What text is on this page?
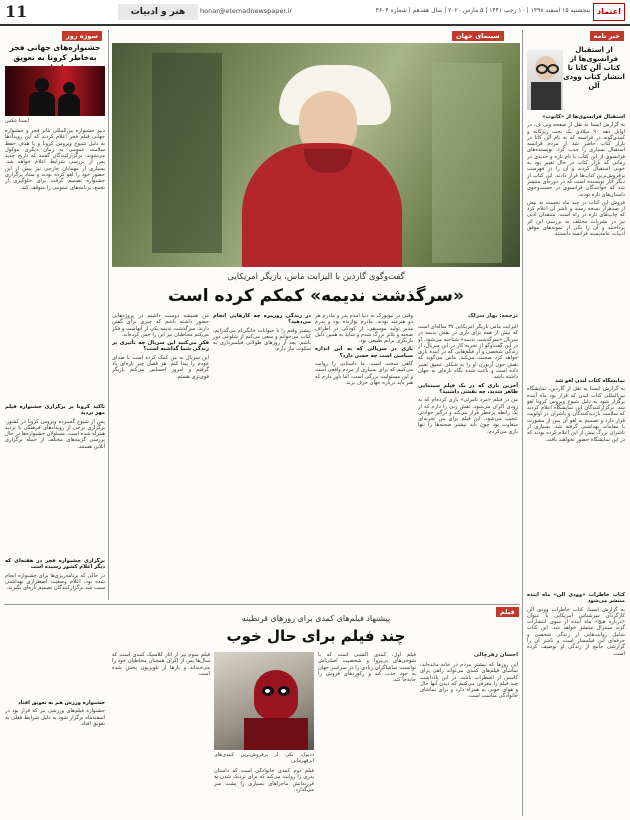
11	هنر و ادبیات	honar@etemadnewspaper.ir	پنجشنبه ۱۵ اسفند ۱۳۹۸ | ۱۰ رجب ۱۴۴۱ | ۵ مارس ۲۰۲۰ | سال هفدهم | شماره ۴۶۰۴ اعتماد
خبر نامه
از استقبال فرانسوی‌ها از کتاب آلن کاتا تا انتشار کتاب وودی آلن

استقبال فرانسوی‌ها از «کاتوب»

به گزارش ایسنا به نقل از صفحه ونی ف، در اوایل دهه ۹۰ میلادی یک بحث زیرکانه و کمدی‌گونه در فرانسه که به نام آلن کاتا در بازار کتاب حاضر شد از مردم فرانسه استقبال بسیاری را جذب کرد. نویسنده‌های فرانسوی از این کتاب با نام تازه و جدیدی در زمانی که بازار کتاب در حال تغییر بود به خوبی استقبال کردند و آن را در فهرست پرفروش‌ترین کتاب‌ها قرار دادند. این کتاب از دیگر آثار نویسنده است که در دوره‌ای منتشر شد که خوانندگان فرانسوی در جست‌وجوی داستان‌های تازه بودند.

فروش این کتاب در چند ماه نخست به بیش از صدهزار نسخه رسید و ناشر آن اعلام کرد که چاپ‌های تازه در راه است. منتقدان ادبی نیز در نشریات مختلف به بررسی این اثر پرداختند و آن را یکی از نمونه‌های موفق ادبیات عامه‌پسند فرانسه دانستند.

نمایشگاه کتاب لندن لغو شد

به گزارش ایسنا به نقل از گاردین، نمایشگاه بین‌المللی کتاب لندن که قرار بود ماه آینده برگزار شود به دلیل شیوع ویروس کرونا لغو شد. برگزارکنندگان این نمایشگاه اعلام کردند که سلامت بازدیدکنندگان و ناشران در اولویت قرار دارد و تصمیم به لغو آن پس از مشورت با مقامات بهداشتی گرفته شد. بسیاری از ناشران بزرگ پیش از این اعلام کرده بودند که در این نمایشگاه حضور نخواهند یافت.

کتاب خاطرات «وودی آلن» ماه آینده منتشر می‌شود

به گزارش ایسنا، کتاب خاطرات وودی آلن کارگردان سرشناس آمریکایی با عنوان «درباره هیچ» ماه آینده از سوی انتشارات گرند سنترال منتشر خواهد شد. این کتاب شامل روایت‌هایی از زندگی شخصی و حرفه‌ای این فیلمساز است و ناشر آن را گزارشی جامع از زندگی او توصیف کرده است.

سینمای جهان
گفت‌وگوی گاردین با الیزابت ماس، بازیگر امریکایی
«سرگذشت ندیمه» کمکم کرده است
ترجمه: بهار سرلک

الیزابت ماس بازیگر امریکایی ۳۷ ساله‌ای است که بیش از همه برای بازی در نقش ندیمه در سریال «سرگذشت ندیمه» شناخته می‌شود. او در این گفت‌وگو از تجربه کار در این سریال، از زندگی شخصی و از فیلم‌هایی که در آینده بازی خواهد کرد صحبت می‌کند. ماس می‌گوید که نقش جون آزبورن او را به شکلی عمیق تغییر داده است و باعث شده نگاه تازه‌ای به جهان داشته باشد.

آخرین باری که در یک فیلم سینمایی ظاهر شدید، چه نقشی داشتید؟

من در فیلم «مرد نامرئی» بازی کرده‌ام که به زودی اکران می‌شود. نقش زنی را دارم که از یک رابطه پرخطر فرار می‌کند و درگیر حوادثی عجیب می‌شود. این فیلم برای من تجربه‌ای متفاوت بود چون باید بیشتر صحنه‌ها را تنها بازی می‌کردم.

وقتی در نیویورک به دنیا آمدم پدر و مادرم هر دو هنرمند بودند. مادرم نوازنده بود و پدرم مدیر تولید موسیقی. از کودکی در اطراف صحنه و تئاتر بزرگ شدم و شاید به همین دلیل بازیگری برایم طبیعی بود.

بازی در سریالی که به این اندازه سیاسی است چه حسی دارد؟

گاهی سخت است. ما داستانی را روایت می‌کنیم که برای بسیاری از مردم واقعی است و این مسئولیت بزرگی است. اما باور دارم که هنر باید درباره جهان حرف بزند.

در زندگی روزمره چه کارهایی انجام می‌دهید؟

بیشتر وقتم را با حیوانات خانگی‌ام می‌گذرانم، کتاب می‌خوانم و سعی می‌کنم از شلوغی دور باشم. بعد از روزهای طولانی فیلمبرداری به سکوت نیاز دارم.

من همیشه دوست داشتم در پروژه‌هایی حضور داشته باشم که چیزی برای گفتن دارند. سرگذشت ندیمه یکی از آنهاست و فکر می‌کنم مخاطبان نیز این را حس کرده‌اند.

فکر می‌کنید این سریال چه تأثیری بر زندگی شما گذاشته است؟

این سریال به من کمک کرده است تا صدای خودم را پیدا کنم. هر فصل چیز تازه‌ای یاد گرفتم و امروز احساس می‌کنم بازیگر قوی‌تری هستم.

سوژه روز
جشنواره‌های جهانی فجر به‌خاطر کرونا به تعویق
ایسنا‌ عکس

دبیر جشنواره بین‌المللی تئاتر فجر و جشنواره جهانی فیلم فجر اعلام کردند که این رویدادها به دلیل شیوع ویروس کرونا و با هدف حفظ سلامت عمومی به زمان دیگری موکول می‌شوند. برگزارکنندگان گفتند که تاریخ جدید پس از بررسی شرایط اعلام خواهد شد. بسیاری از مهمانان خارجی نیز پیش از این حضور خود را لغو کرده بودند و ستاد برگزاری جشنواره تصمیم گرفت برای جلوگیری از تجمع، برنامه‌های عمومی را متوقف کند.

تأکید کرونا بر برگزاری جشنواره فیلم مهر تردید

پس از شیوع گسترده ویروس کرونا در کشور، برگزاری برخی از رویدادهای فرهنگی با تردید همراه شده است. مسئولان جشنواره‌ها در حال بررسی گزینه‌های مختلف از جمله برگزاری آنلاین هستند.

برگزاری جشنواره فجر در هفته‌ای که دیگر اعلام کشور رسیده است

در حالی که برنامه‌ریزی‌ها برای جشنواره انجام شده بود، اعلام وضعیت اضطراری بهداشتی سبب شد برگزارکنندگان تصمیم تازه‌ای بگیرند.

جشنواره ورزش هم به تعویق افتاد

جشنواره فیلم‌های ورزشی نیز که قرار بود در اسفندماه برگزار شود به دلیل شرایط فعلی به تعویق افتاد.

فیلم
پیشنهاد فیلم‌های کمدی برای روزهای قرنطینه
چند فیلم برای حال خوب
احسان زهرچالی

این روزها که بیشتر مردم در خانه مانده‌اند، تماشای فیلم‌های کمدی می‌تواند راهی برای کاستن از اضطراب باشد. در این یادداشت چند فیلم را معرفی می‌کنیم که دیدن آنها حال و هوای خوبی به همراه دارد و برای تماشای خانوادگی مناسب است.

فیلم اول، کمدی اکشنی است که با شوخی‌های بی‌پروا و شخصیت اصلی‌اش توانست تماشاگران زیادی را در سراسر جهان به خود جذب کند و رکوردهای فروش را جابه‌جا کند.

ددپول، یکی از پرفروش‌ترین کمدی‌های ابرقهرمانی

فیلم دوم کمدی خانوادگی است که داستان پدری را روایت می‌کند که برای نزدیک شدن به فرزندانش ماجراهای بسیاری را پشت سر می‌گذارد.

فیلم سوم نیز از آثار کلاسیک کمدی است که سال‌ها پس از اکران همچنان مخاطبان خود را می‌خنداند و بارها از تلویزیون پخش شده است.
